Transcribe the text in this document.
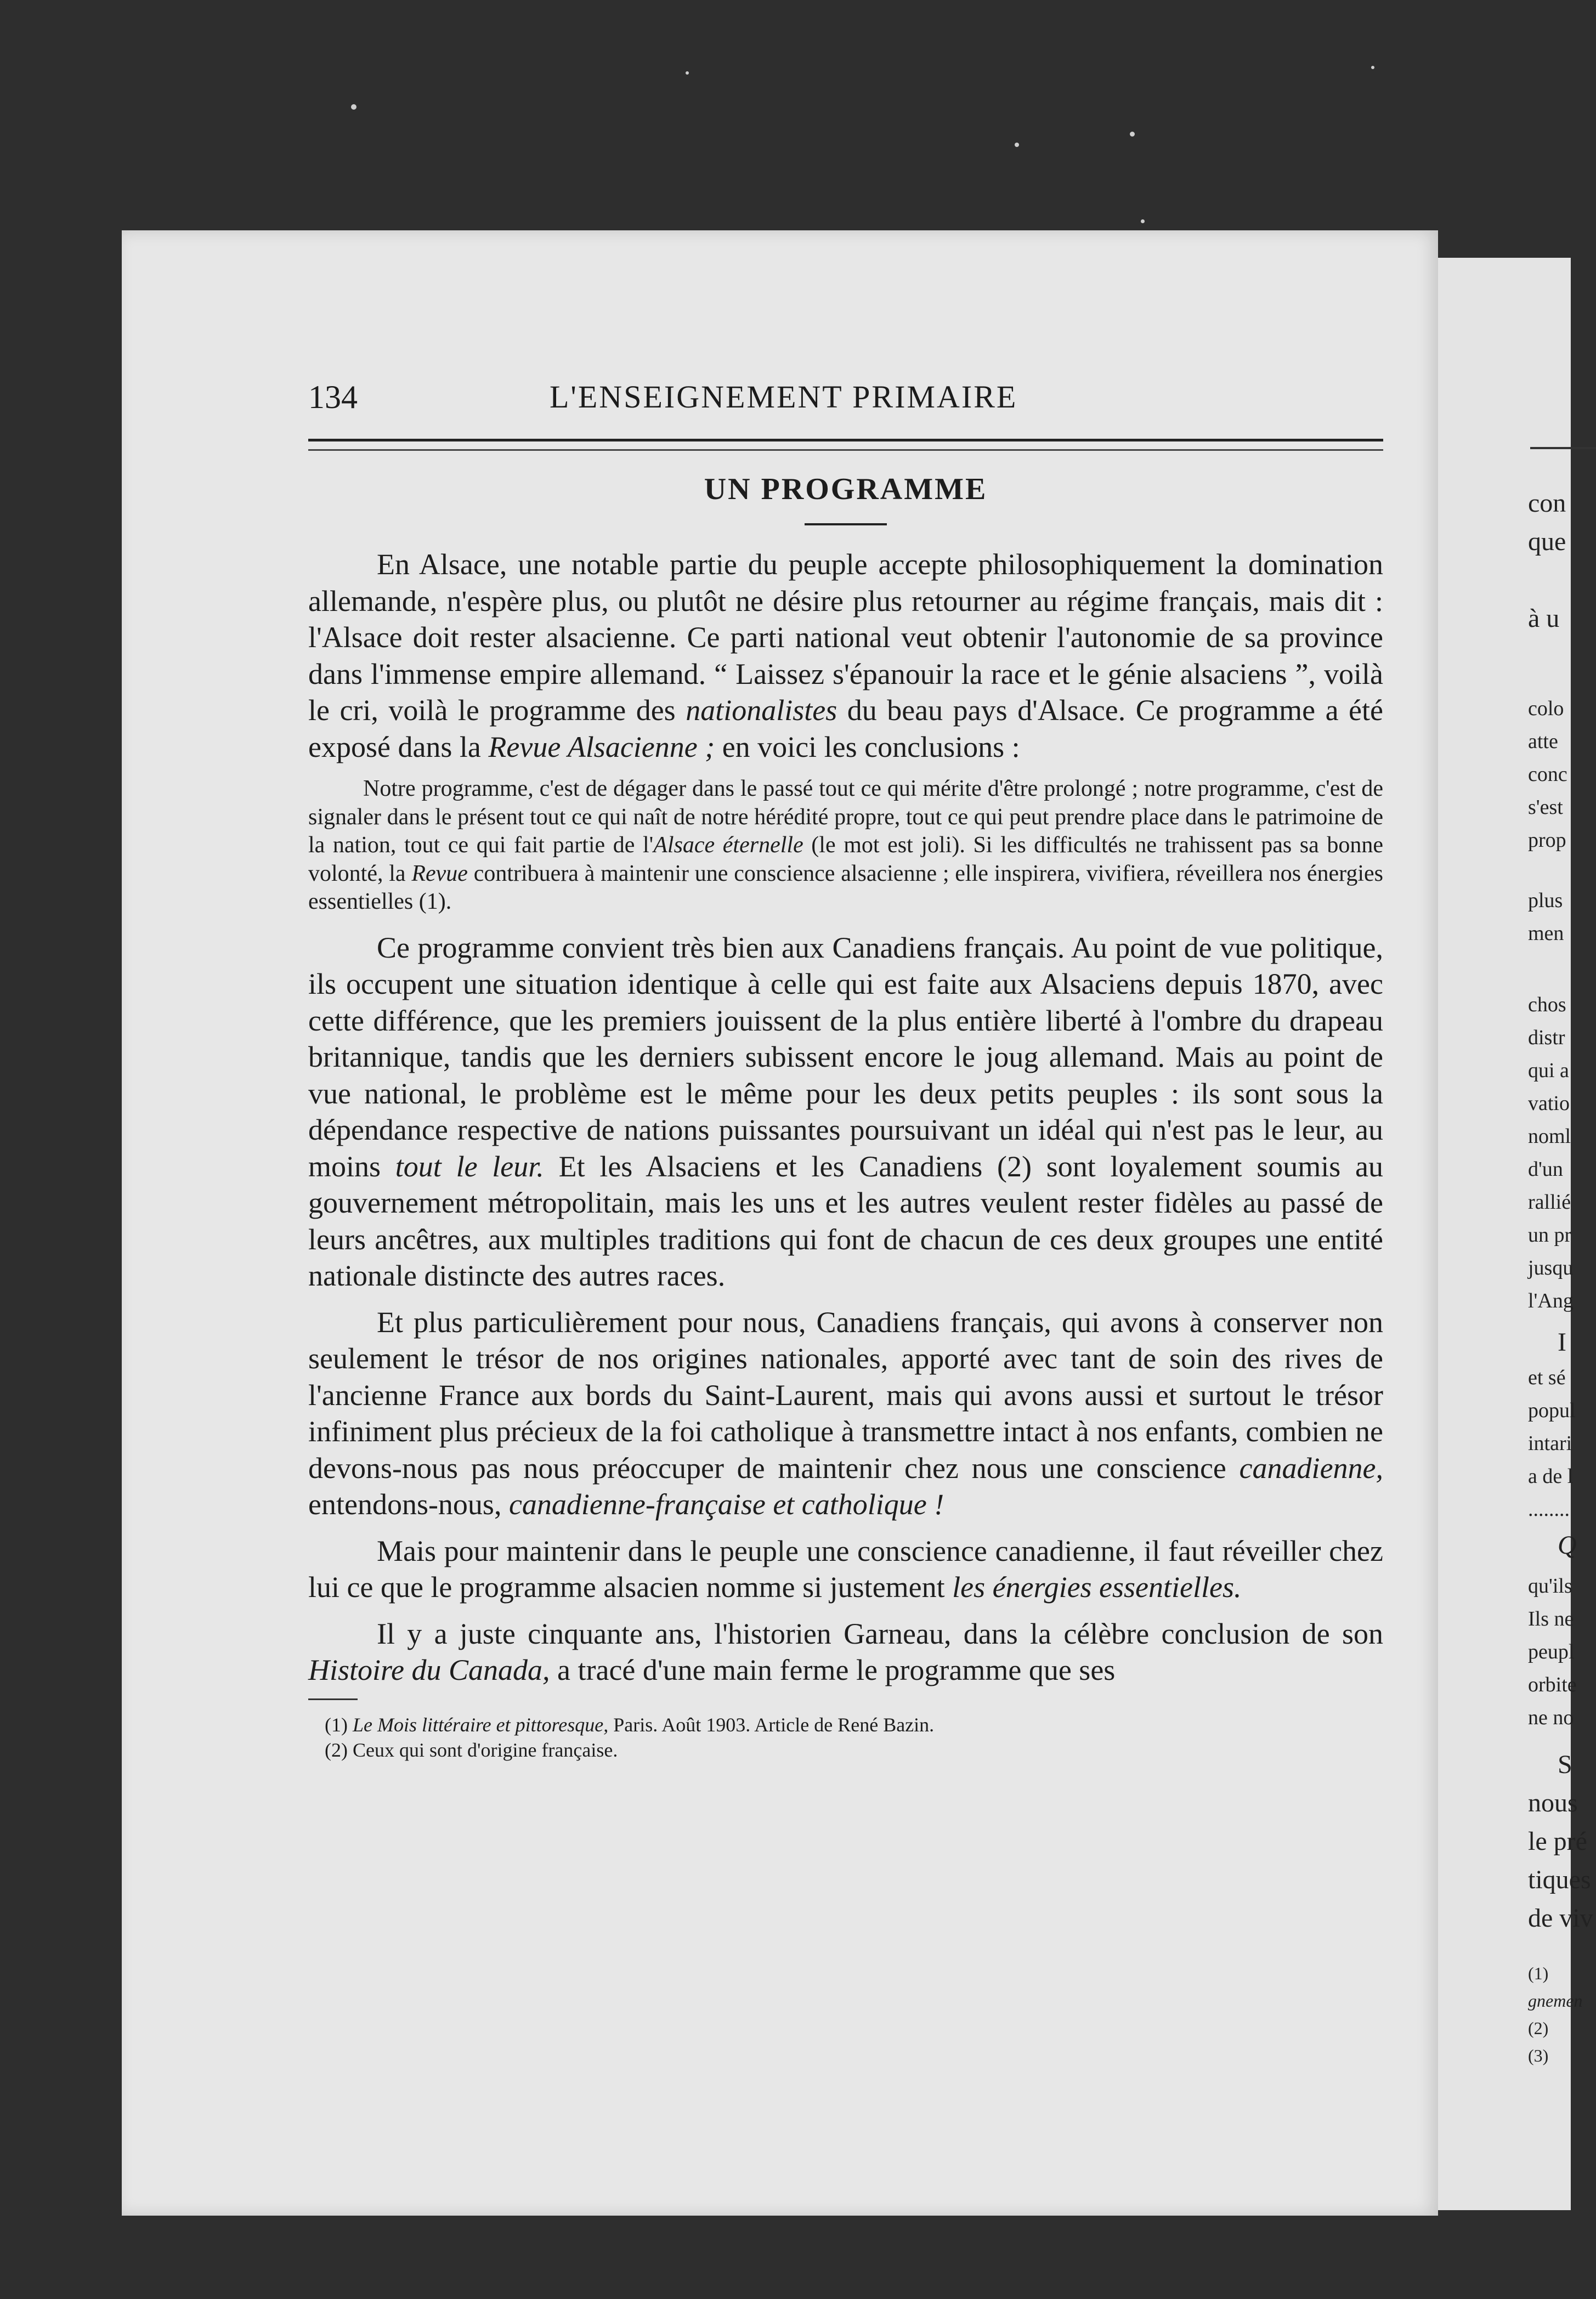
con
que
à u
colo
atte
conc
s'est
prop
plus
men
chos
distr
qui a
vatio
noml
d'un
rallié
un pr
jusqu
l'Ang
I
et sé
popul
intari
a de l
........
Q
qu'ils
Ils ne
peupl
orbite
ne no
S
nous
le pré
tiques
de viv
(1)
gnemen
(2)
(3)
134	L'ENSEIGNEMENT PRIMAIRE
UN PROGRAMME

En Alsace, une notable partie du peuple accepte philosophiquement la domination allemande, n'espère plus, ou plutôt ne désire plus retourner au régime français, mais dit : l'Alsace doit rester alsacienne. Ce parti national veut obtenir l'autonomie de sa province dans l'immense empire allemand. “ Laissez s'épanouir la race et le génie alsaciens ”, voilà le cri, voilà le programme des nationalistes du beau pays d'Alsace. Ce programme a été exposé dans la Revue Alsacienne ; en voici les conclusions :

Notre programme, c'est de dégager dans le passé tout ce qui mérite d'être prolongé ; notre programme, c'est de signaler dans le présent tout ce qui naît de notre hérédité propre, tout ce qui peut prendre place dans le patrimoine de la nation, tout ce qui fait partie de l'Alsace éternelle (le mot est joli). Si les difficultés ne trahissent pas sa bonne volonté, la Revue contribuera à maintenir une conscience alsacienne ; elle inspirera, vivifiera, réveillera nos énergies essentielles (1).

Ce programme convient très bien aux Canadiens français. Au point de vue politique, ils occupent une situation identique à celle qui est faite aux Alsaciens depuis 1870, avec cette différence, que les premiers jouissent de la plus entière liberté à l'ombre du drapeau britannique, tandis que les derniers subissent encore le joug allemand. Mais au point de vue national, le problème est le même pour les deux petits peuples : ils sont sous la dépendance respective de nations puissantes poursuivant un idéal qui n'est pas le leur, au moins tout le leur. Et les Alsaciens et les Canadiens (2) sont loyalement soumis au gouvernement métropolitain, mais les uns et les autres veulent rester fidèles au passé de leurs ancêtres, aux multiples traditions qui font de chacun de ces deux groupes une entité nationale distincte des autres races.

Et plus particulièrement pour nous, Canadiens français, qui avons à conserver non seulement le trésor de nos origines nationales, apporté avec tant de soin des rives de l'ancienne France aux bords du Saint-Laurent, mais qui avons aussi et surtout le trésor infiniment plus précieux de la foi catholique à transmettre intact à nos enfants, combien ne devons-nous pas nous préoccuper de maintenir chez nous une conscience canadienne, entendons-nous, canadienne-française et catholique !

Mais pour maintenir dans le peuple une conscience canadienne, il faut réveiller chez lui ce que le programme alsacien nomme si justement les énergies essentielles.

Il y a juste cinquante ans, l'historien Garneau, dans la célèbre conclusion de son Histoire du Canada, a tracé d'une main ferme le programme que ses

(1) Le Mois littéraire et pittoresque, Paris. Août 1903. Article de René Bazin.

(2) Ceux qui sont d'origine française.
